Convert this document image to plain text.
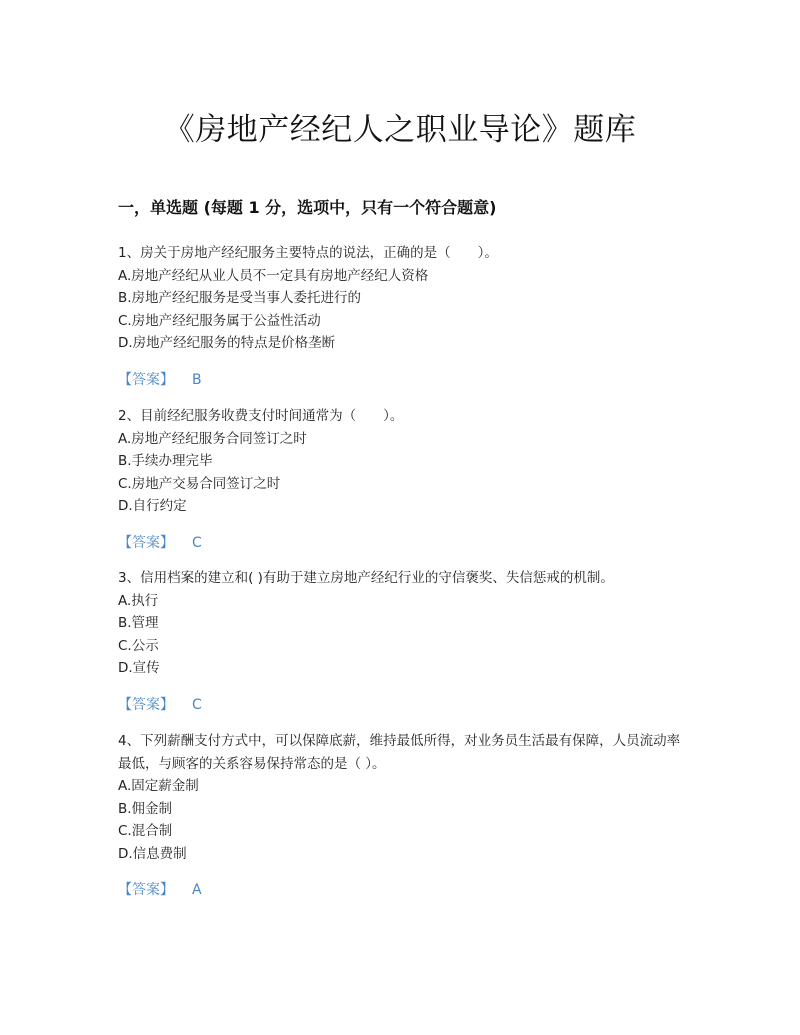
《房地产经纪人之职业导论》题库
一，单选题 (每题 1 分，选项中，只有一个符合题意)

1、房关于房地产经纪服务主要特点的说法，正确的是（　　）。

A.房地产经纪从业人员不一定具有房地产经纪人资格
B.房地产经纪服务是受当事人委托进行的
C.房地产经纪服务属于公益性活动
D.房地产经纪服务的特点是价格垄断
【答案】 B

2、目前经纪服务收费支付时间通常为（　　）。

A.房地产经纪服务合同签订之时
B.手续办理完毕
C.房地产交易合同签订之时
D.自行约定
【答案】 C

3、信用档案的建立和( )有助于建立房地产经纪行业的守信褒奖、失信惩戒的机制。

A.执行
B.管理
C.公示
D.宣传
【答案】 C

4、下列薪酬支付方式中，可以保障底薪，维持最低所得，对业务员生活最有保障，人员流动率最低，与顾客的关系容易保持常态的是（ ）。

A.固定薪金制
B.佣金制
C.混合制
D.信息费制
【答案】 A
